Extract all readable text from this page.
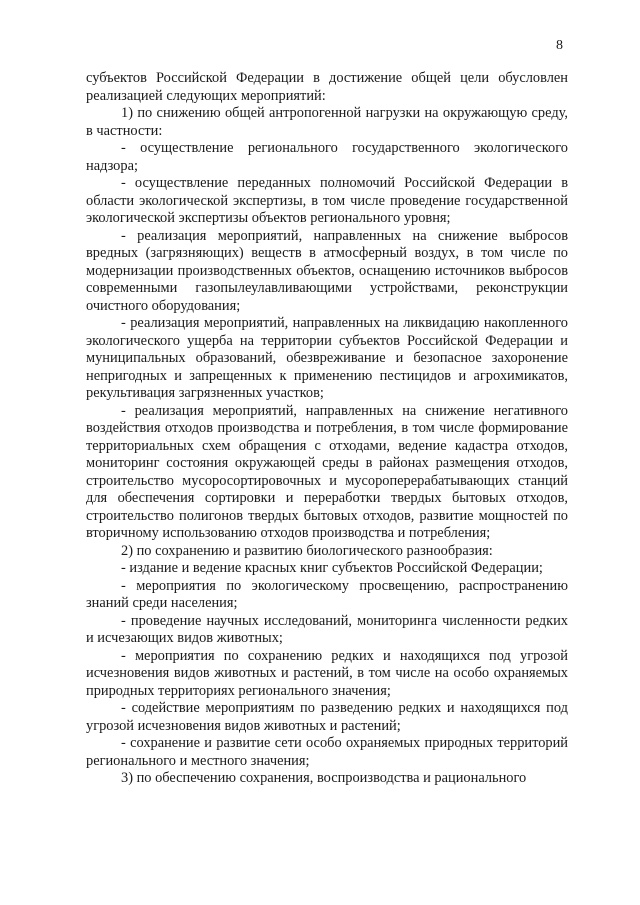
8

субъектов Российской Федерации в достижение общей цели обусловлен реализацией следующих мероприятий:

1) по снижению общей антропогенной нагрузки на окружающую среду, в частности:

- осуществление регионального государственного экологического надзора;

- осуществление переданных полномочий Российской Федерации в области экологической экспертизы, в том числе проведение государственной экологической экспертизы объектов регионального уровня;

- реализация мероприятий, направленных на снижение выбросов вредных (загрязняющих) веществ в атмосферный воздух, в том числе по модернизации производственных объектов, оснащению источников выбросов современными газопылеулавливающими устройствами, реконструкции очистного оборудования;

- реализация мероприятий, направленных на ликвидацию накопленного экологического ущерба на территории субъектов Российской Федерации и муниципальных образований, обезвреживание и безопасное захоронение непригодных и запрещенных к применению пестицидов и агрохимикатов, рекультивация загрязненных участков;

- реализация мероприятий, направленных на снижение негативного воздействия отходов производства и потребления, в том числе формирование территориальных схем обращения с отходами, ведение кадастра отходов, мониторинг состояния окружающей среды в районах размещения отходов, строительство мусоросортировочных и мусороперерабатывающих станций для обеспечения сортировки и переработки твердых бытовых отходов, строительство полигонов твердых бытовых отходов, развитие мощностей по вторичному использованию отходов производства и потребления;

2) по сохранению и развитию биологического разнообразия:

- издание и ведение красных книг субъектов Российской Федерации;

- мероприятия по экологическому просвещению, распространению знаний среди населения;

- проведение научных исследований, мониторинга численности редких и исчезающих видов животных;

- мероприятия по сохранению редких и находящихся под угрозой исчезновения видов животных и растений, в том числе на особо охраняемых природных территориях регионального значения;

- содействие мероприятиям по разведению редких и находящихся под угрозой исчезновения видов животных и растений;

- сохранение и развитие сети особо охраняемых природных территорий регионального и местного значения;

3) по обеспечению сохранения, воспроизводства и рационального
